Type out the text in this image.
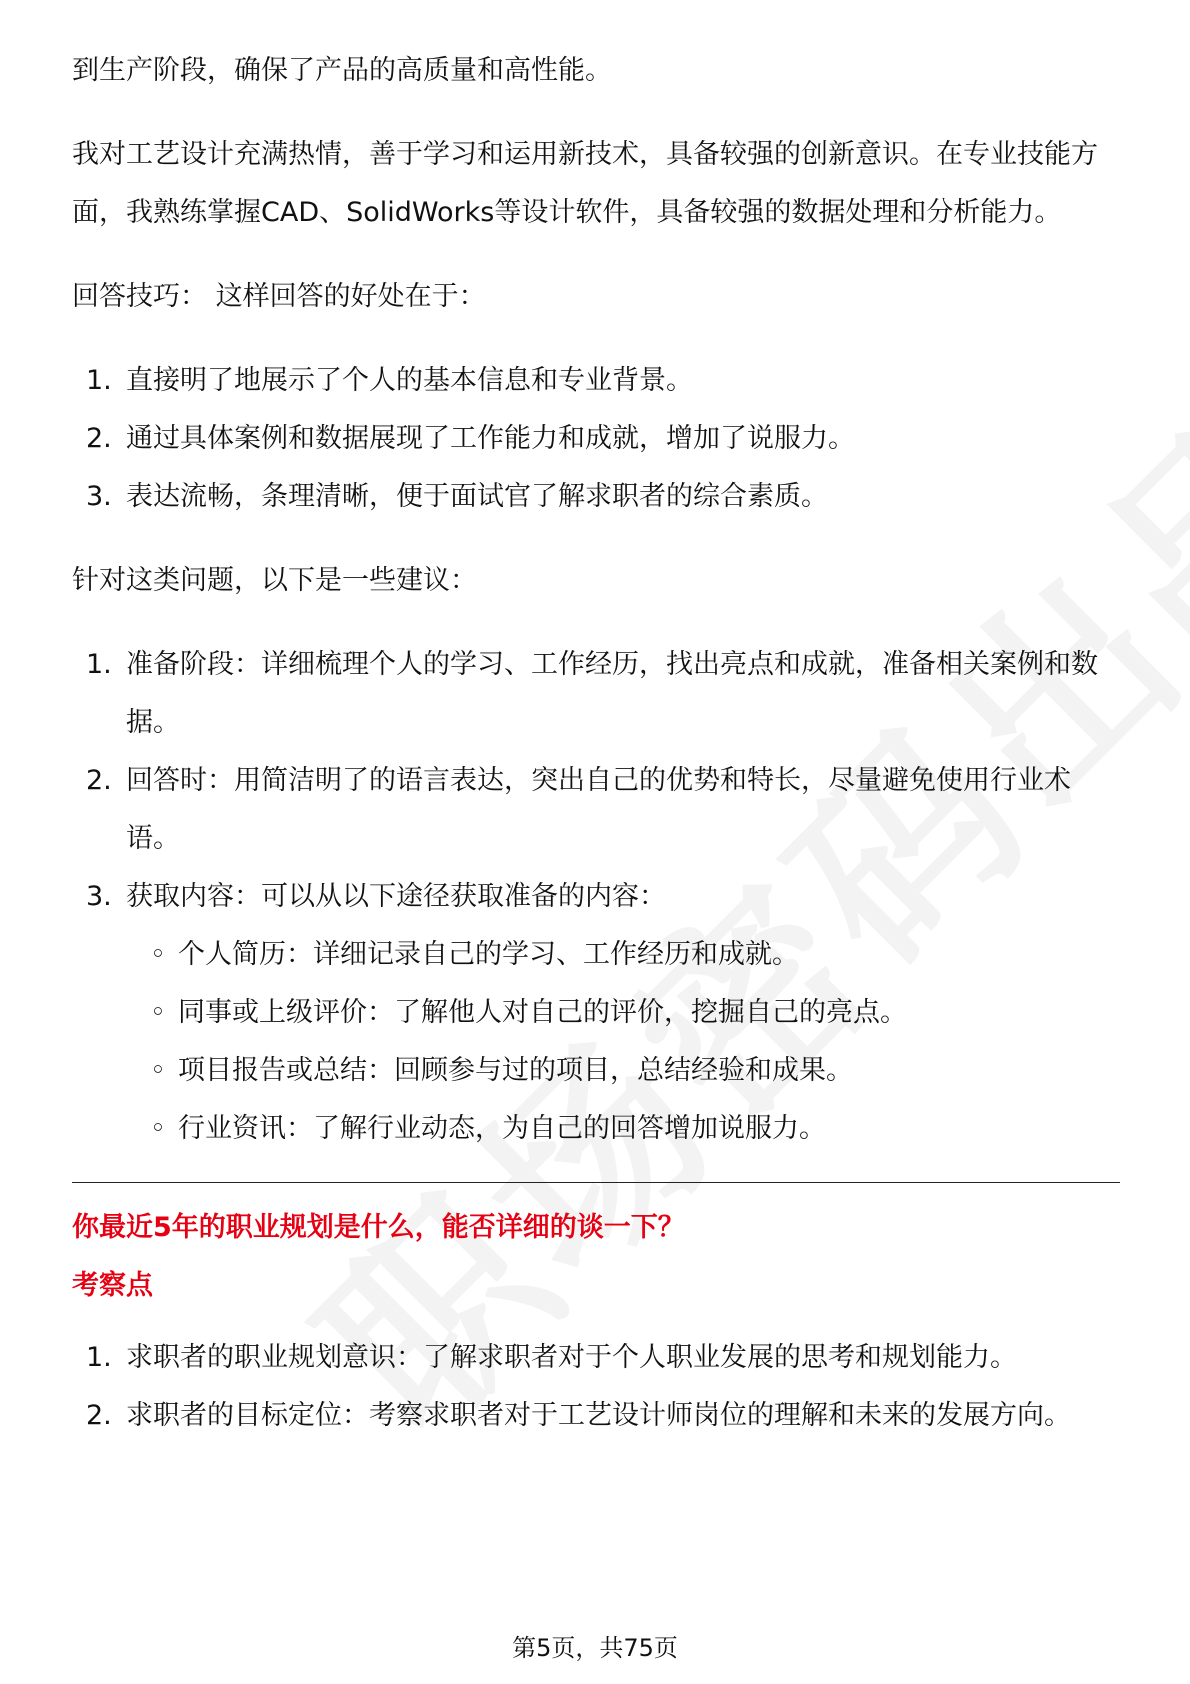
到生产阶段，确保了产品的高质量和高性能。

我对工艺设计充满热情，善于学习和运用新技术，具备较强的创新意识。在专业技能方面，我熟练掌握CAD、SolidWorks等设计软件，具备较强的数据处理和分析能力。

回答技巧： 这样回答的好处在于：

1. 直接明了地展示了个人的基本信息和专业背景。
2. 通过具体案例和数据展现了工作能力和成就，增加了说服力。
3. 表达流畅，条理清晰，便于面试官了解求职者的综合素质。

针对这类问题，以下是一些建议：

1. 准备阶段：详细梳理个人的学习、工作经历，找出亮点和成就，准备相关案例和数据。
2. 回答时：用简洁明了的语言表达，突出自己的优势和特长，尽量避免使用行业术语。
3. 获取内容：可以从以下途径获取准备的内容：
◦ 个人简历：详细记录自己的学习、工作经历和成就。
◦ 同事或上级评价：了解他人对自己的评价，挖掘自己的亮点。
◦ 项目报告或总结：回顾参与过的项目，总结经验和成果。
◦ 行业资讯：了解行业动态，为自己的回答增加说服力。
你最近5年的职业规划是什么，能否详细的谈一下？
考察点
1. 求职者的职业规划意识：了解求职者对于个人职业发展的思考和规划能力。
2. 求职者的目标定位：考察求职者对于工艺设计师岗位的理解和未来的发展方向。
第5页，共75页
